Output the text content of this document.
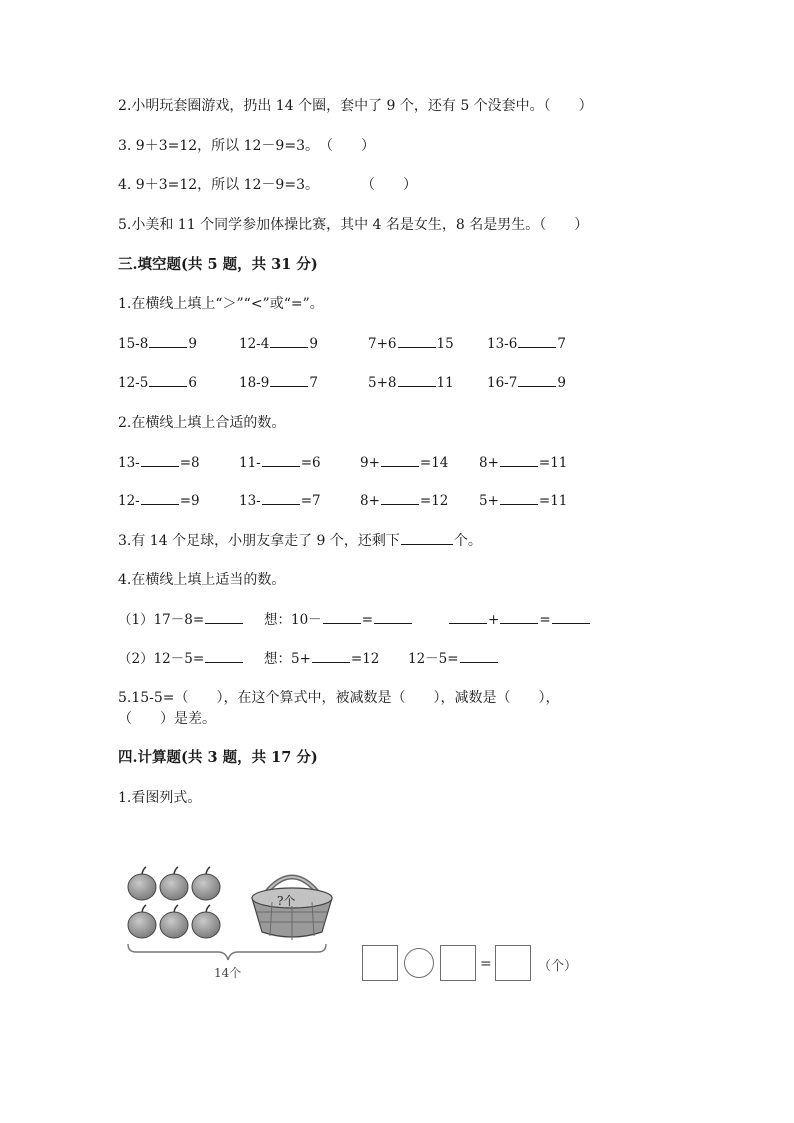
2.小明玩套圈游戏，扔出 14 个圈，套中了 9 个，还有 5 个没套中。（　　）
3. 9＋3=12，所以 12－9=3。　（　　）
4. 9＋3=12，所以 12－9=3。　　　　（　　）
5.小美和 11 个同学参加体操比赛，其中 4 名是女生，8 名是男生。（　　）
三.填空题(共 5 题，共 31 分)
1.在横线上填上“＞”“<”或“=”。
15-8	9	12-4	9	7+6	15 13-6	7
12-5	6	18-9	7	5+8	11 16-7	9
2.在横线上填上合适的数。
13-	=8	11-	=6	9+	=14 8+	=11
12-	=9	13-	=7	8+	=12 5+	=11
3.有 14 个足球，小朋友拿走了 9 个，还剩下	个。
4.在横线上填上适当的数。
（1）17－8=	想：10－	=	+	=
（2）12－5=	想：5+	=12 12－5=
5.15-5=（　　），在这个算式中，被减数是（　　），减数是（　　），
（　　）是差。
四.计算题(共 3 题，共 17 分)
1.看图列式。
?个
14个
=	（个）
